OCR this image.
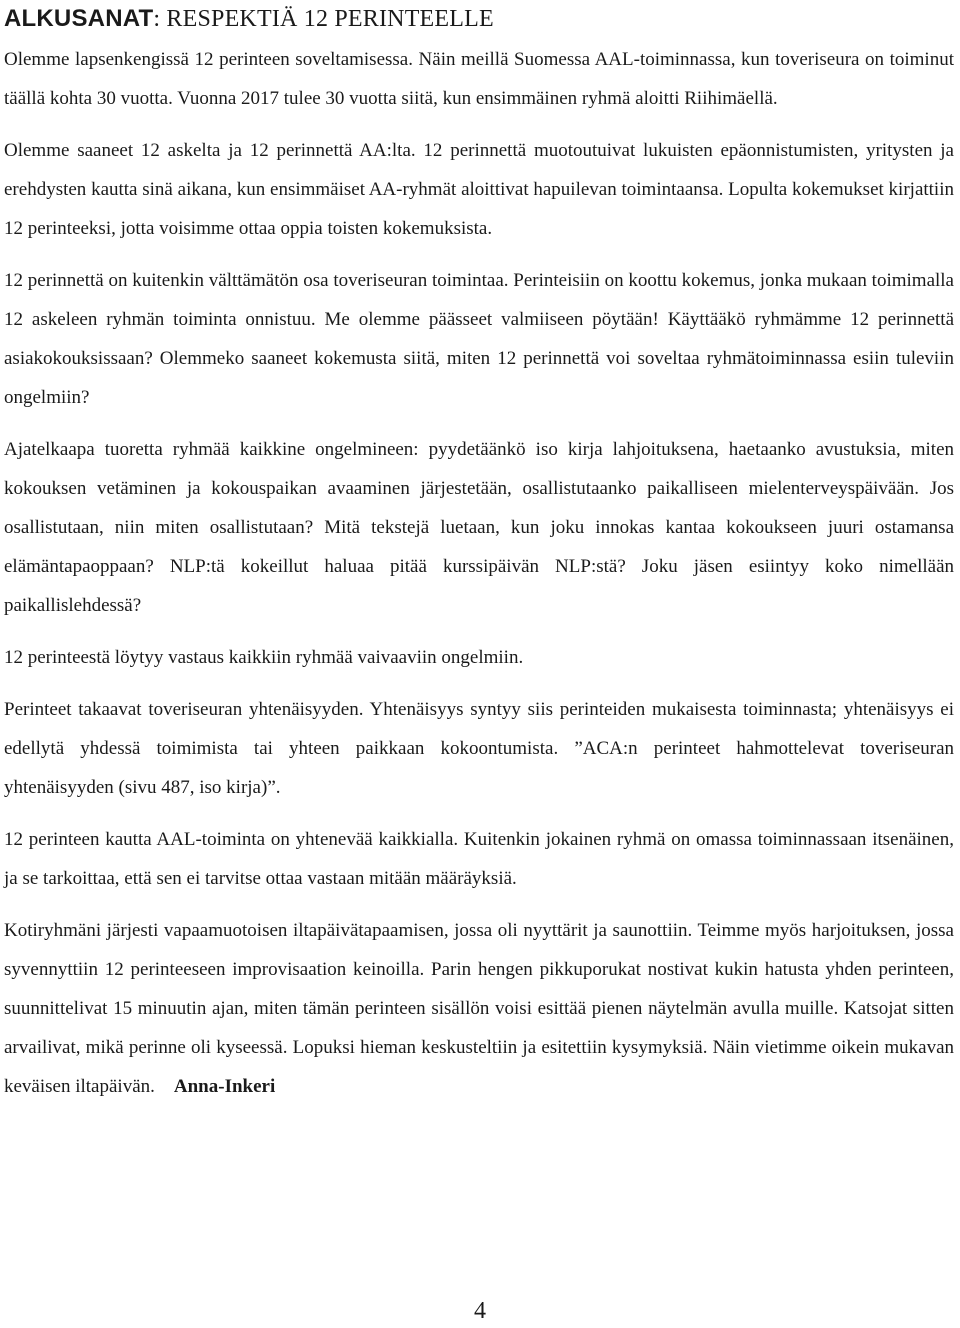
ALKUSANAT: RESPEKTIÄ 12 PERINTEELLE

Olemme lapsenkengissä 12 perinteen soveltamisessa. Näin meillä Suomessa AAL-toiminnassa, kun toveriseura on toiminut täällä kohta 30 vuotta. Vuonna 2017 tulee 30 vuotta siitä, kun ensimmäinen ryhmä aloitti Riihimäellä.

Olemme saaneet 12 askelta ja 12 perinnettä AA:lta. 12 perinnettä muotoutuivat lukuisten epäonnistumisten, yritysten ja erehdysten kautta sinä aikana, kun ensimmäiset AA-ryhmät aloittivat hapuilevan toimintaansa. Lopulta kokemukset kirjattiin 12 perinteeksi, jotta voisimme ottaa oppia toisten kokemuksista.

12 perinnettä on kuitenkin välttämätön osa toveriseuran toimintaa. Perinteisiin on koottu kokemus, jonka mukaan toimimalla 12 askeleen ryhmän toiminta onnistuu. Me olemme päässeet valmiiseen pöytään! Käyttääkö ryhmämme 12 perinnettä asiakokouksissaan? Olemmeko saaneet kokemusta siitä, miten 12 perinnettä voi soveltaa ryhmätoiminnassa esiin tuleviin ongelmiin?

Ajatelkaapa tuoretta ryhmää kaikkine ongelmineen: pyydetäänkö iso kirja lahjoituksena, haetaanko avustuksia, miten kokouksen vetäminen ja kokouspaikan avaaminen järjestetään, osallistutaanko paikalliseen mielenterveyspäivään. Jos osallistutaan, niin miten osallistutaan? Mitä tekstejä luetaan, kun joku innokas kantaa kokoukseen juuri ostamansa elämäntapaoppaan? NLP:tä kokeillut haluaa pitää kurssipäivän NLP:stä? Joku jäsen esiintyy koko nimellään paikallislehdessä?

12 perinteestä löytyy vastaus kaikkiin ryhmää vaivaaviin ongelmiin.

Perinteet takaavat toveriseuran yhtenäisyyden. Yhtenäisyys syntyy siis perinteiden mukaisesta toiminnasta; yhtenäisyys ei edellytä yhdessä toimimista tai yhteen paikkaan kokoontumista. ”ACA:n perinteet hahmottelevat toveriseuran yhtenäisyyden (sivu 487, iso kirja)”.

12 perinteen kautta AAL-toiminta on yhtenevää kaikkialla. Kuitenkin jokainen ryhmä on omassa toiminnassaan itsenäinen, ja se tarkoittaa, että sen ei tarvitse ottaa vastaan mitään määräyksiä.

Kotiryhmäni järjesti vapaamuotoisen iltapäivätapaamisen, jossa oli nyyttärit ja saunottiin. Teimme myös harjoituksen, jossa syvennyttiin 12 perinteeseen improvisaation keinoilla. Parin hengen pikkuporukat nostivat kukin hatusta yhden perinteen, suunnittelivat 15 minuutin ajan, miten tämän perinteen sisällön voisi esittää pienen näytelmän avulla muille. Katsojat sitten arvailivat, mikä perinne oli kyseessä. Lopuksi hieman keskusteltiin ja esitettiin kysymyksiä. Näin vietimme oikein mukavan keväisen iltapäivän. Anna-Inkeri

4
